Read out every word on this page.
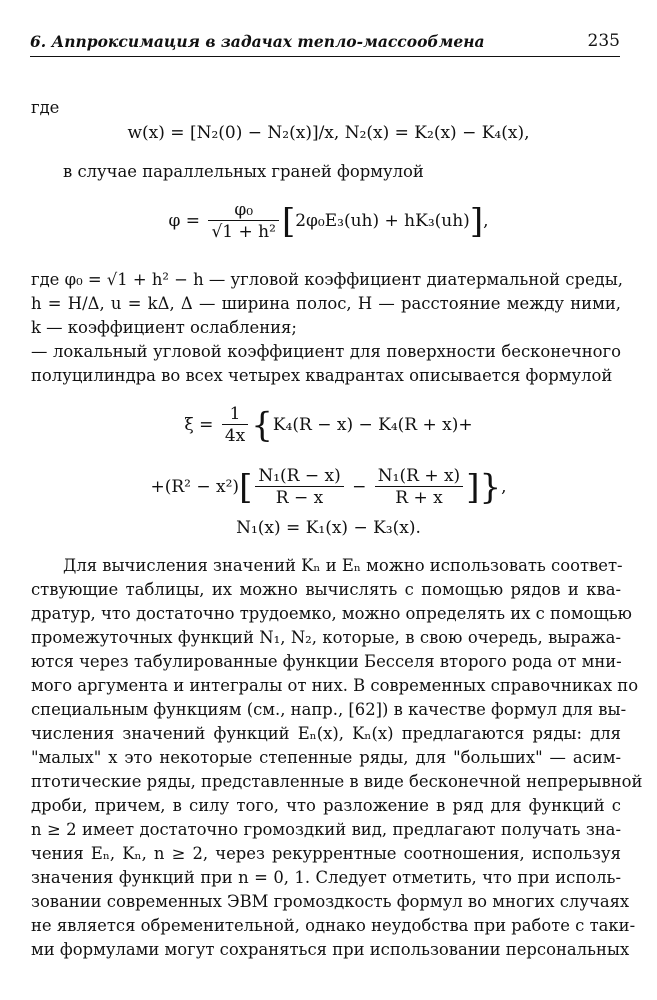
6. Аппроксимация в задачах тепло-массообмена	235
где
w(x) = [N₂(0) − N₂(x)]/x, N₂(x) = K₂(x) − K₄(x),
в случае параллельных граней формулой
$\varphi = \frac{\text{φ₀}}{\text{√1 + h²}} [2\varphi_0E_3(uh) + hK_3(uh)]$,
где φ₀ = √1 + h² − h — угловой коэффициент диатермальной среды,
h = H/Δ, u = kΔ, Δ — ширина полос, H — расстояние между ними,
k — коэффициент ослабления;
— локальный угловой коэффициент для поверхности бесконечного
полуцилиндра во всех четырех квадрантах описывается формулой
$\xi = \frac{1}{4x} \{K_4(R - x) - K_4(R + x)+$
$+(R^2 - x^2)[ \frac{\text{N₁(R − x)}}{R - x} - \frac{\text{N₁(R + x)}}{R + x}$ ]},
N₁(x) = K₁(x) − K₃(x).
Для вычисления значений Kₙ и Eₙ можно использовать соответ-
ствующие таблицы, их можно вычислять с помощью рядов и ква-
дратур, что достаточно трудоемко, можно определять их с помощью
промежуточных функций N₁, N₂, которые, в свою очередь, выража-
ются через табулированные функции Бесселя второго рода от мни-
мого аргумента и интегралы от них. В современных справочниках по
специальным функциям (см., напр., [62]) в качестве формул для вы-
числения значений функций Eₙ(x), Kₙ(x) предлагаются ряды: для
"малых" x это некоторые степенные ряды, для "больших" — асим-
птотические ряды, представленные в виде бесконечной непрерывной
дроби, причем, в силу того, что разложение в ряд для функций с
n ≥ 2 имеет достаточно громоздкий вид, предлагают получать зна-
чения Eₙ, Kₙ, n ≥ 2, через рекуррентные соотношения, используя
значения функций при n = 0, 1. Следует отметить, что при исполь-
зовании современных ЭВМ громоздкость формул во многих случаях
не является обременительной, однако неудобства при работе с таки-
ми формулами могут сохраняться при использовании персональных
